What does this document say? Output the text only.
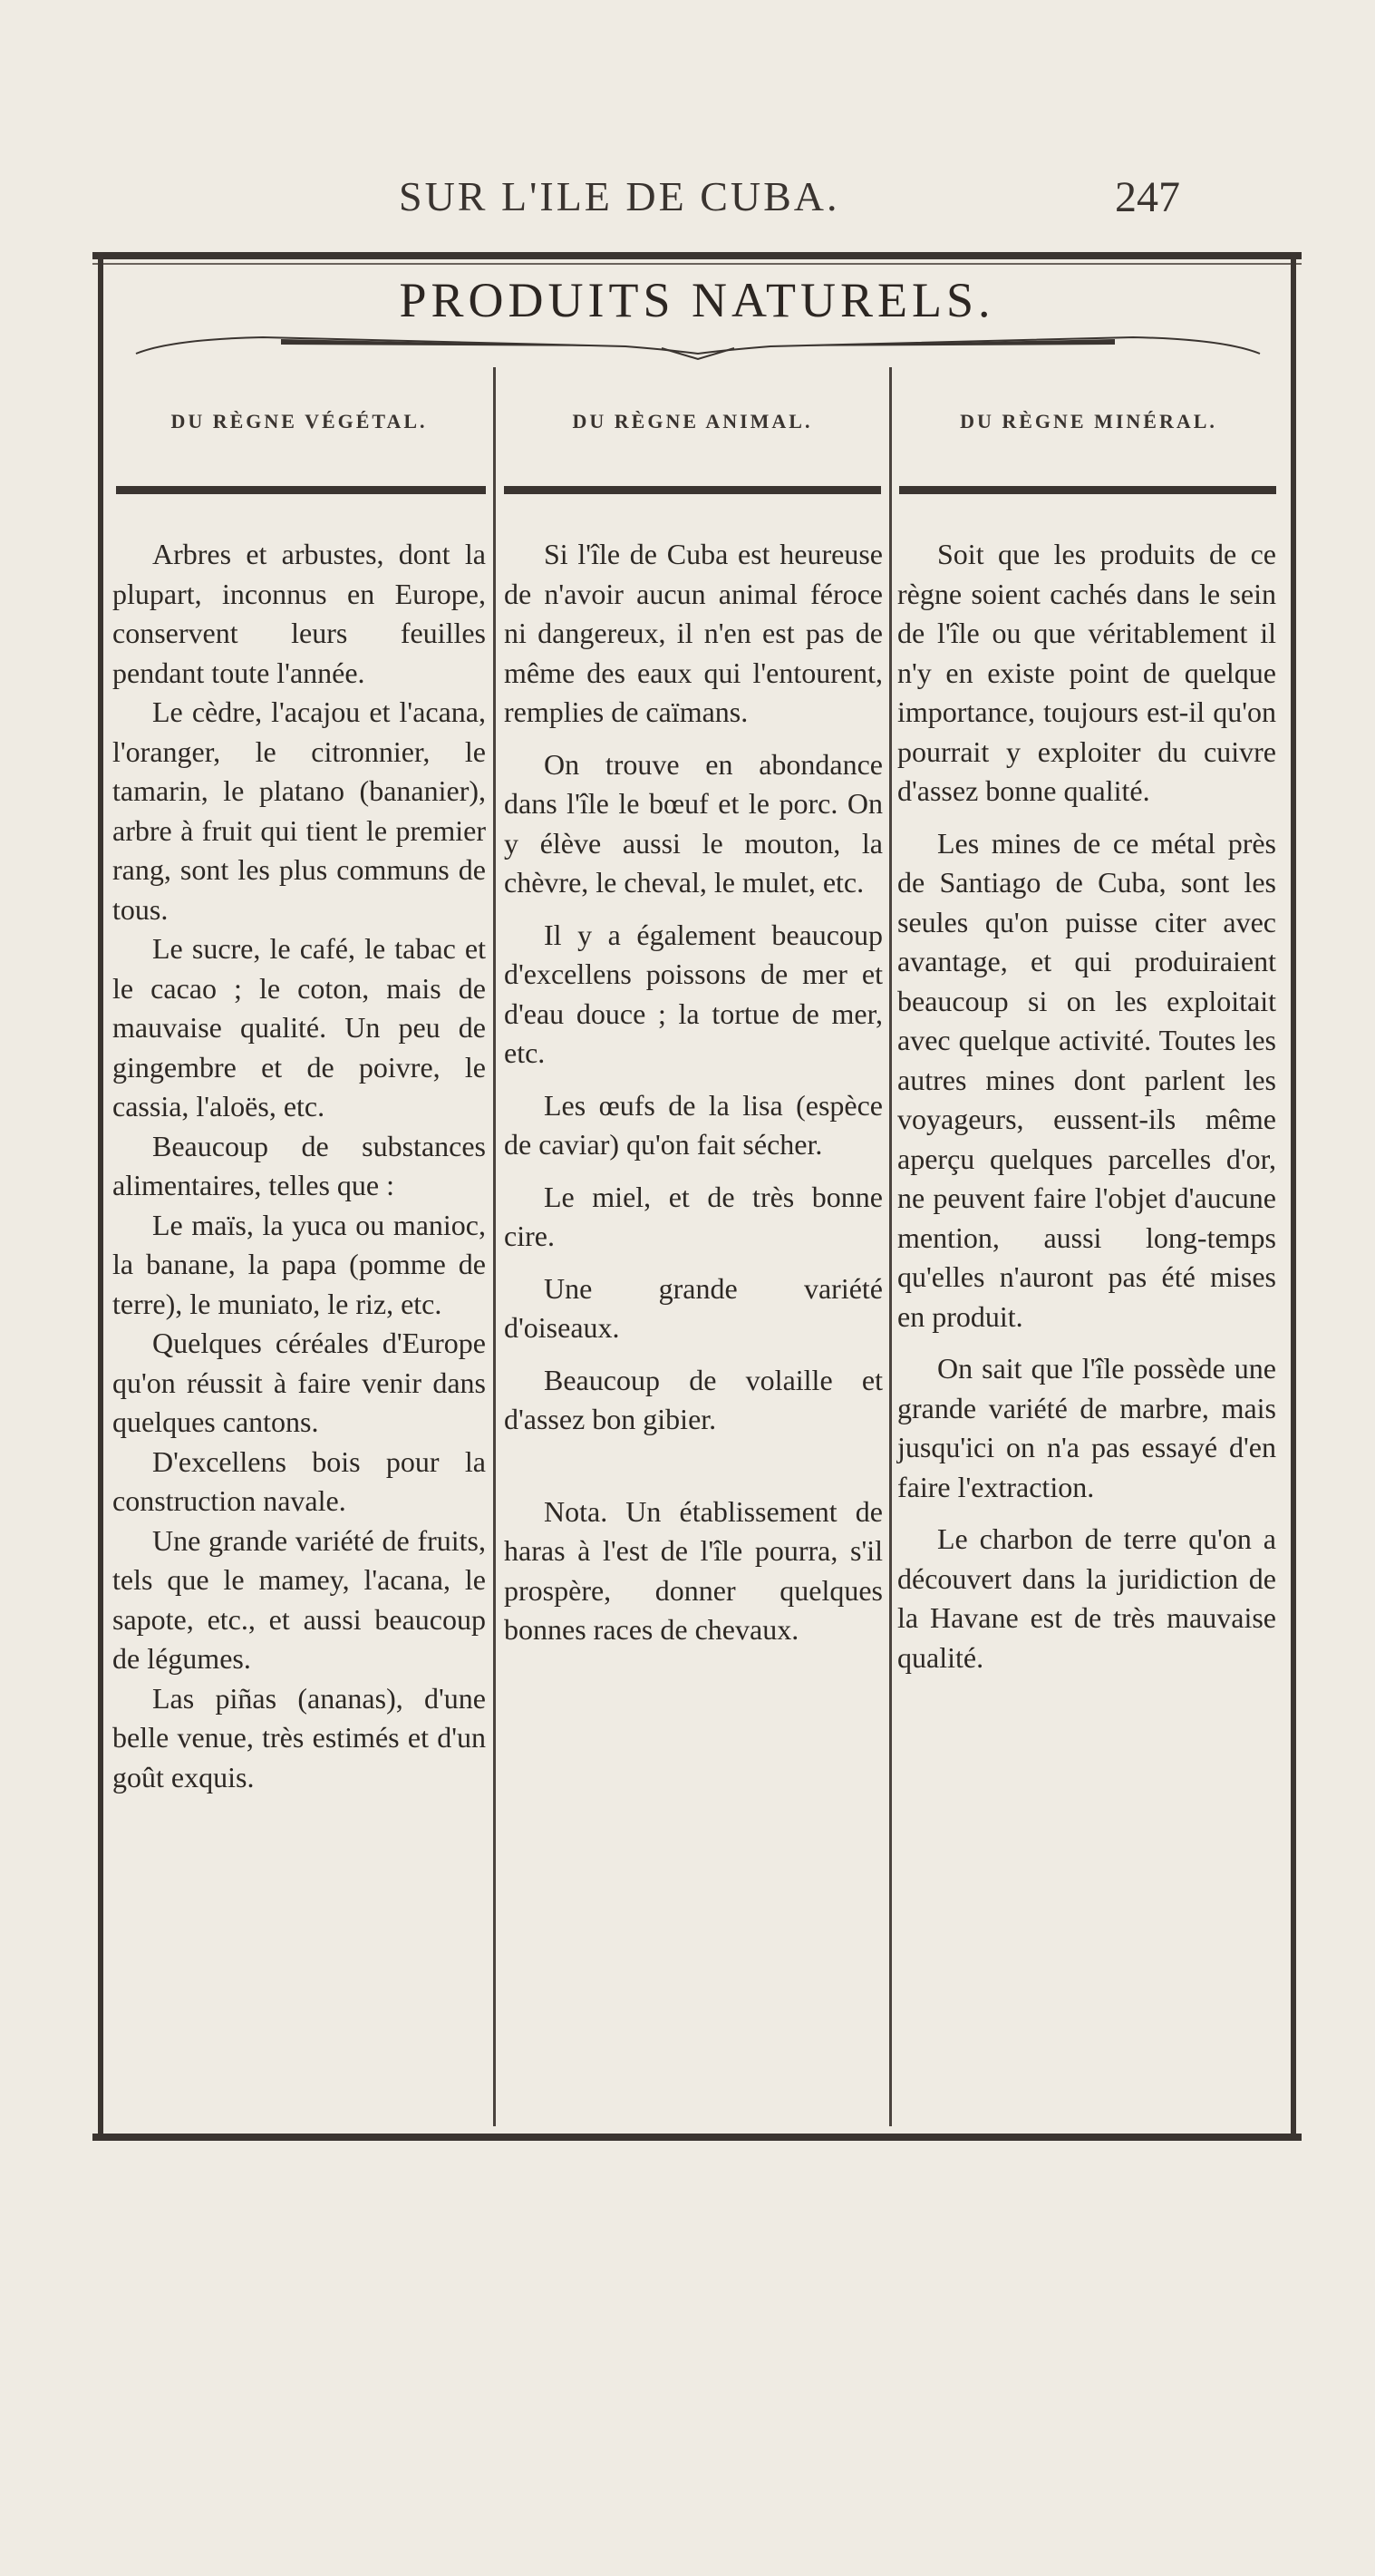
SUR L'ILE DE CUBA.	247
PRODUITS NATURELS.
DU RÈGNE VÉGÉTAL.	DU RÈGNE ANIMAL.	DU RÈGNE MINÉRAL.

Arbres et arbustes, dont la plupart, inconnus en Europe, conservent leurs feuilles pendant toute l'année.

Le cèdre, l'acajou et l'acana, l'oranger, le citronnier, le tamarin, le platano (bananier), arbre à fruit qui tient le premier rang, sont les plus communs de tous.

Le sucre, le café, le tabac et le cacao ; le coton, mais de mauvaise qualité. Un peu de gingembre et de poivre, le cassia, l'aloës, etc.

Beaucoup de substances alimentaires, telles que :

Le maïs, la yuca ou manioc, la banane, la papa (pomme de terre), le muniato, le riz, etc.

Quelques céréales d'Europe qu'on réussit à faire venir dans quelques cantons.

D'excellens bois pour la construction navale.

Une grande variété de fruits, tels que le mamey, l'acana, le sapote, etc., et aussi beaucoup de légumes.

Las piñas (ananas), d'une belle venue, très estimés et d'un goût exquis.

Si l'île de Cuba est heureuse de n'avoir aucun animal féroce ni dangereux, il n'en est pas de même des eaux qui l'entourent, remplies de caïmans.

On trouve en abondance dans l'île le bœuf et le porc. On y élève aussi le mouton, la chèvre, le cheval, le mulet, etc.

Il y a également beaucoup d'excellens poissons de mer et d'eau douce ; la tortue de mer, etc.

Les œufs de la lisa (espèce de caviar) qu'on fait sécher.

Le miel, et de très bonne cire.

Une grande variété d'oiseaux.

Beaucoup de volaille et d'assez bon gibier.

Nota. Un établissement de haras à l'est de l'île pourra, s'il prospère, donner quelques bonnes races de chevaux.

Soit que les produits de ce règne soient cachés dans le sein de l'île ou que véritablement il n'y en existe point de quelque importance, toujours est-il qu'on pourrait y exploiter du cuivre d'assez bonne qualité.

Les mines de ce métal près de Santiago de Cuba, sont les seules qu'on puisse citer avec avantage, et qui produiraient beaucoup si on les exploitait avec quelque activité. Toutes les autres mines dont parlent les voyageurs, eussent-ils même aperçu quelques parcelles d'or, ne peuvent faire l'objet d'aucune mention, aussi long-temps qu'elles n'auront pas été mises en produit.

On sait que l'île possède une grande variété de marbre, mais jusqu'ici on n'a pas essayé d'en faire l'extraction.

Le charbon de terre qu'on a découvert dans la juridiction de la Havane est de très mauvaise qualité.
